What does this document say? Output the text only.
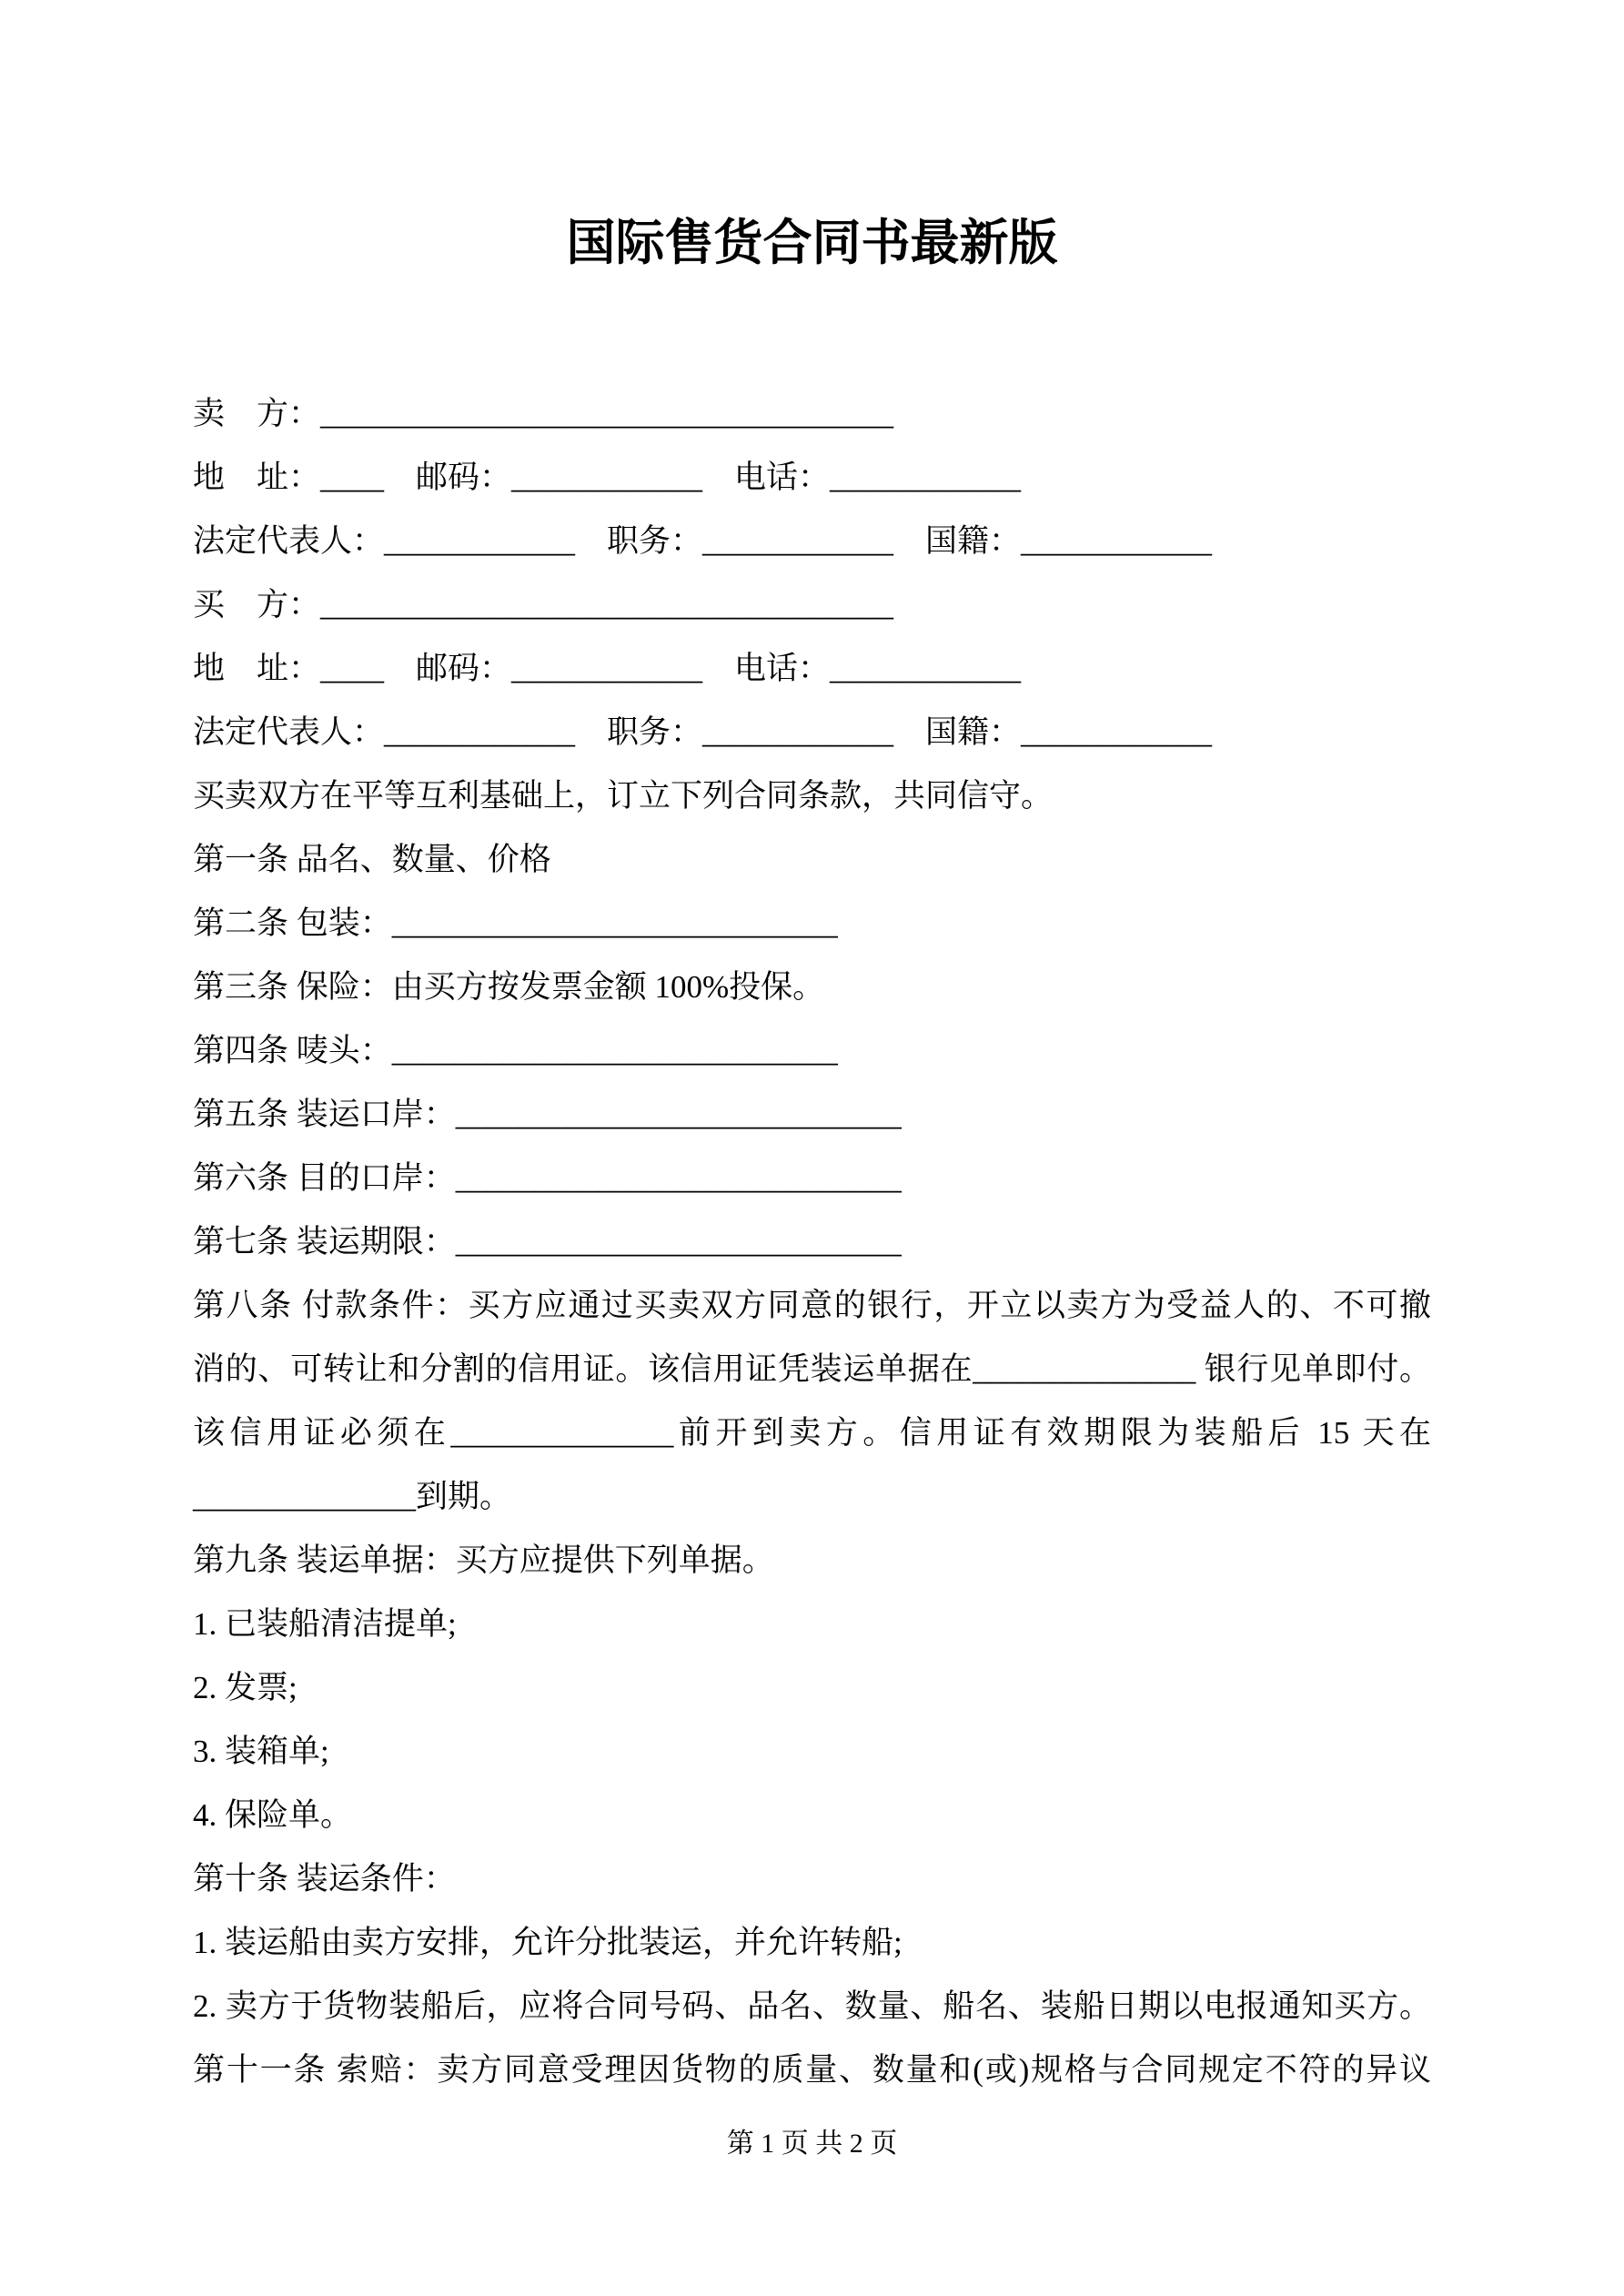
国际售货合同书最新版

卖　方：____________________________________

地　址：____　邮码：____________　电话：____________

法定代表人：____________　职务：____________　国籍：____________

买　方：____________________________________

地　址：____　邮码：____________　电话：____________

法定代表人：____________　职务：____________　国籍：____________

买卖双方在平等互利基础上，订立下列合同条款，共同信守。

第一条 品名、数量、价格

第二条 包装：____________________________

第三条 保险：由买方按发票金额 100%投保。

第四条 唛头：____________________________

第五条 装运口岸：____________________________

第六条 目的口岸：____________________________

第七条 装运期限：____________________________

第八条 付款条件：买方应通过买卖双方同意的银行，开立以卖方为受益人的、不可撤

消的、可转让和分割的信用证。该信用证凭装运单据在______________ 银行见单即付。

该信用证必须在______________前开到卖方。信用证有效期限为装船后 15 天在

______________到期。

第九条 装运单据：买方应提供下列单据。

1. 已装船清洁提单;

2. 发票;

3. 装箱单;

4. 保险单。

第十条 装运条件：

1. 装运船由卖方安排，允许分批装运，并允许转船;

2. 卖方于货物装船后，应将合同号码、品名、数量、船名、装船日期以电报通知买方。

第十一条 索赔：卖方同意受理因货物的质量、数量和(或)规格与合同规定不符的异议

第 1 页 共 2 页
